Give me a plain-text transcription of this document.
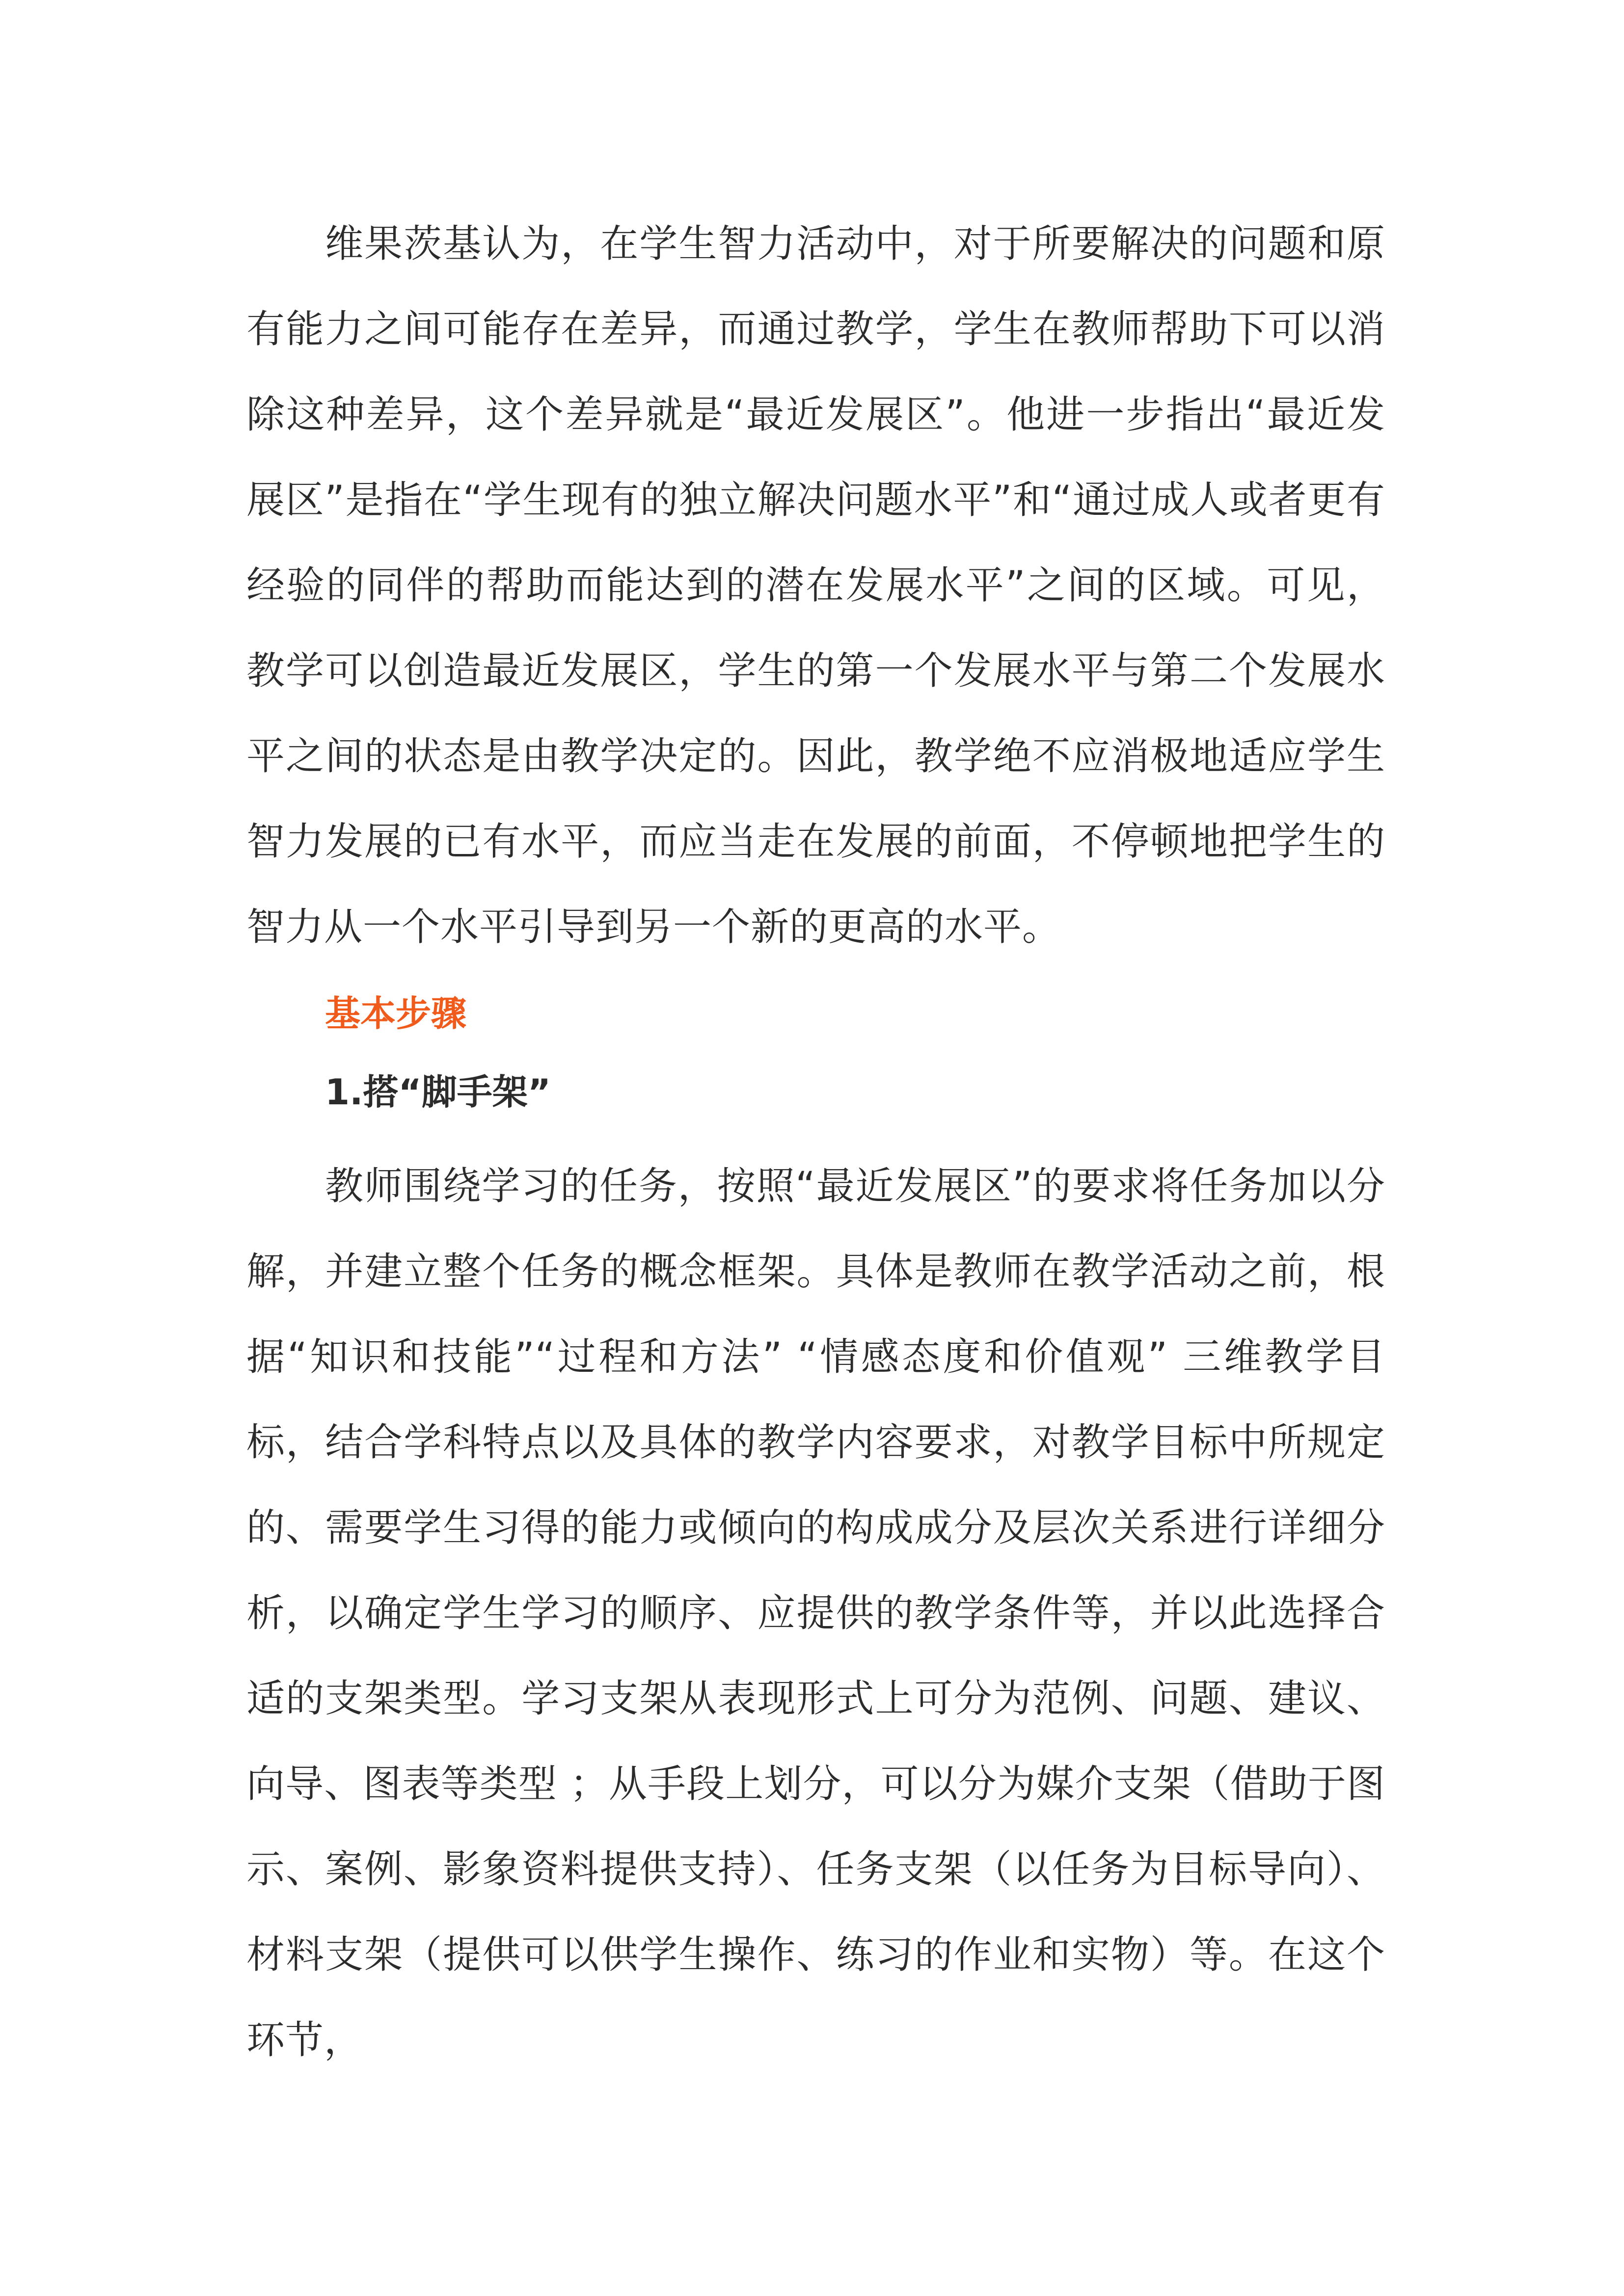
维果茨基认为，在学生智力活动中，对于所要解决的问题和原有能力之间可能存在差异，而通过教学，学生在教师帮助下可以消除这种差异，这个差异就是“最近发展区”。他进一步指出“最近发展区”是指在“学生现有的独立解决问题水平”和“通过成人或者更有经验的同伴的帮助而能达到的潜在发展水平”之间的区域。可见，教学可以创造最近发展区，学生的第一个发展水平与第二个发展水平之间的状态是由教学决定的。因此，教学绝不应消极地适应学生智力发展的已有水平，而应当走在发展的前面，不停顿地把学生的智力从一个水平引导到另一个新的更高的水平。

基本步骤

1.搭“脚手架”

教师围绕学习的任务，按照“最近发展区”的要求将任务加以分解，并建立整个任务的概念框架。具体是教师在教学活动之前，根据“知识和技能”“过程和方法” “情感态度和价值观” 三维教学目标，结合学科特点以及具体的教学内容要求，对教学目标中所规定的、需要学生习得的能力或倾向的构成成分及层次关系进行详细分析，以确定学生学习的顺序、应提供的教学条件等，并以此选择合适的支架类型。学习支架从表现形式上可分为范例、问题、建议、向导、图表等类型 ；从手段上划分，可以分为媒介支架（借助于图示、案例、影象资料提供支持）、任务支架（以任务为目标导向）、材料支架（提供可以供学生操作、练习的作业和实物）等。在这个环节，
